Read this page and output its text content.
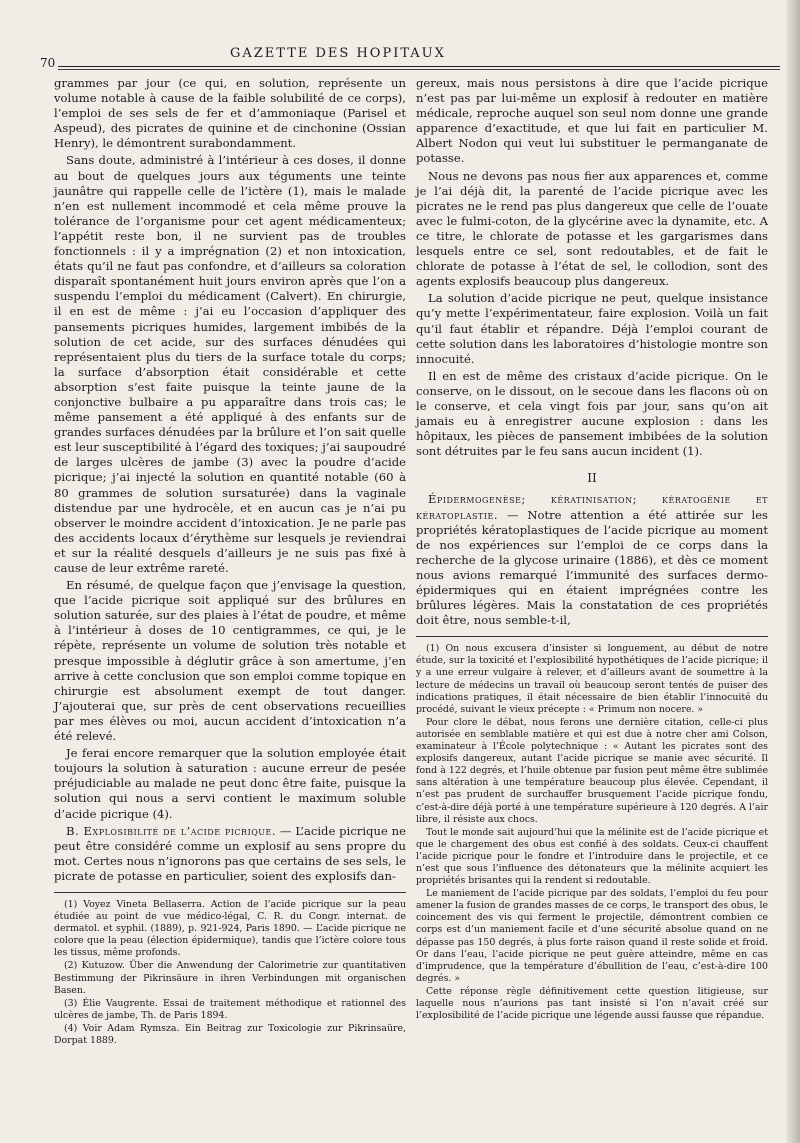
70
GAZETTE DES HOPITAUX

grammes par jour (ce qui, en solution, représente un volume notable à cause de la faible solubilité de ce corps), l’emploi de ses sels de fer et d’ammoniaque (Parisel et Aspeud), des picrates de quinine et de cinchonine (Ossian Henry), le démontrent surabondamment.

Sans doute, administré à l’intérieur à ces doses, il donne au bout de quelques jours aux téguments une teinte jaunâtre qui rappelle celle de l’ictère (1), mais le malade n’en est nullement incommodé et cela même prouve la tolérance de l’organisme pour cet agent médicamenteux; l’appétit reste bon, il ne survient pas de troubles fonctionnels : il y a imprégnation (2) et non intoxication, états qu’il ne faut pas confondre, et d’ailleurs sa coloration disparaît spontanément huit jours environ après que l’on a suspendu l’emploi du médicament (Calvert). En chirurgie, il en est de même : j’ai eu l’occasion d’appliquer des pansements picriques humides, largement imbibés de la solution de cet acide, sur des surfaces dénudées qui représentaient plus du tiers de la surface totale du corps; la surface d’absorption était considérable et cette absorption s’est faite puisque la teinte jaune de la conjonctive bulbaire a pu apparaître dans trois cas; le même pansement a été appliqué à des enfants sur de grandes surfaces dénudées par la brûlure et l’on sait quelle est leur susceptibilité à l’égard des toxiques; j’ai saupoudré de larges ulcères de jambe (3) avec la poudre d’acide picrique; j’ai injecté la solution en quantité notable (60 à 80 grammes de solution sursaturée) dans la vaginale distendue par une hydrocèle, et en aucun cas je n’ai pu observer le moindre accident d’intoxication. Je ne parle pas des accidents locaux d’érythème sur lesquels je reviendrai et sur la réalité desquels d’ailleurs je ne suis pas fixé à cause de leur extrême rareté.

En résumé, de quelque façon que j’envisage la question, que l’acide picrique soit appliqué sur des brûlures en solution saturée, sur des plaies à l’état de poudre, et même à l’intérieur à doses de 10 centigrammes, ce qui, je le répète, représente un volume de solution très notable et presque impossible à déglutir grâce à son amertume, j’en arrive à cette conclusion que son emploi comme topique en chirurgie est absolument exempt de tout danger. J’ajouterai que, sur près de cent observations recueillies par mes élèves ou moi, aucun accident d’intoxication n’a été relevé.

Je ferai encore remarquer que la solution employée était toujours la solution à saturation : aucune erreur de pesée préjudiciable au malade ne peut donc être faite, puisque la solution qui nous a servi contient le maximum soluble d’acide picrique (4).

B. Explosibilité de l’acide picrique. — L’acide picrique ne peut être considéré comme un explosif au sens propre du mot. Certes nous n’ignorons pas que certains de ses sels, le picrate de potasse en particulier, soient des explosifs dan-

(1) Voyez Vineta Bellaserra. Action de l’acide picrique sur la peau étudiée au point de vue médico-légal, C. R. du Congr. internat. de dermatol. et syphil. (1889), p. 921-924, Paris 1890. — L’acide picrique ne colore que la peau (élection épidermique), tandis que l’ictère colore tous les tissus, même profonds.

(2) Kutuzow. Über die Anwendung der Calorimetrie zur quantitativen Bestimmung der Pikrinsäure in ihren Verbindungen mit organischen Basen.

(3) Élie Vaugrente. Essai de traitement méthodique et rationnel des ulcères de jambe, Th. de Paris 1894.

(4) Voir Adam Rymsza. Ein Beitrag zur Toxicologie zur Pikrinsaüre, Dorpat 1889.

gereux, mais nous persistons à dire que l’acide picrique n’est pas par lui-même un explosif à redouter en matière médicale, reproche auquel son seul nom donne une grande apparence d’exactitude, et que lui fait en particulier M. Albert Nodon qui veut lui substituer le permanganate de potasse.

Nous ne devons pas nous fier aux apparences et, comme je l’ai déjà dit, la parenté de l’acide picrique avec les picrates ne le rend pas plus dangereux que celle de l’ouate avec le fulmi-coton, de la glycérine avec la dynamite, etc. A ce titre, le chlorate de potasse et les gargarismes dans lesquels entre ce sel, sont redoutables, et de fait le chlorate de potasse à l’état de sel, le collodion, sont des agents explosifs beaucoup plus dangereux.

La solution d’acide picrique ne peut, quelque insistance qu’y mette l’expérimentateur, faire explosion. Voilà un fait qu’il faut établir et répandre. Déjà l’emploi courant de cette solution dans les laboratoires d’histologie montre son innocuité.

Il en est de même des cristaux d’acide picrique. On le conserve, on le dissout, on le secoue dans les flacons où on le conserve, et cela vingt fois par jour, sans qu’on ait jamais eu à enregistrer aucune explosion : dans les hôpitaux, les pièces de pansement imbibées de la solution sont détruites par le feu sans aucun incident (1).

II

Épidermogenèse; kératinisation; kératogénie et kératoplastie. — Notre attention a été attirée sur les propriétés kératoplastiques de l’acide picrique au moment de nos expériences sur l’emploi de ce corps dans la recherche de la glycose urinaire (1886), et dès ce moment nous avions remarqué l’immunité des surfaces dermo-épidermiques qui en étaient imprégnées contre les brûlures légères. Mais la constatation de ces propriétés doit être, nous semble-t-il,

(1) On nous excusera d’insister si longuement, au début de notre étude, sur la toxicité et l’explosibilité hypothétiques de l’acide picrique; il y a une erreur vulgaire à relever, et d’ailleurs avant de soumettre à la lecture de médecins un travail où beaucoup seront tentés de puiser des indications pratiques, il était nécessaire de bien établir l’innocuité du procédé, suivant le vieux précepte : « Primum non nocere. »

Pour clore le débat, nous ferons une dernière citation, celle-ci plus autorisée en semblable matière et qui est due à notre cher ami Colson, examinateur à l’École polytechnique : « Autant les picrates sont des explosifs dangereux, autant l’acide picrique se manie avec sécurité. Il fond à 122 degrés, et l’huile obtenue par fusion peut même être sublimée sans altération à une température beaucoup plus élevée. Cependant, il n’est pas prudent de surchauffer brusquement l’acide picrique fondu, c’est-à-dire déjà porté à une température supérieure à 120 degrés. A l’air libre, il résiste aux chocs.

Tout le monde sait aujourd’hui que la mélinite est de l’acide picrique et que le chargement des obus est confié à des soldats. Ceux-ci chauffent l’acide picrique pour le fondre et l’introduire dans le projectile, et ce n’est que sous l’influence des détonateurs que la mélinite acquiert les propriétés brisantes qui la rendent si redoutable.

Le maniement de l’acide picrique par des soldats, l’emploi du feu pour amener la fusion de grandes masses de ce corps, le transport des obus, le coincement des vis qui ferment le projectile, démontrent combien ce corps est d’un maniement facile et d’une sécurité absolue quand on ne dépasse pas 150 degrés, à plus forte raison quand il reste solide et froid. Or dans l’eau, l’acide picrique ne peut guère atteindre, même en cas d’imprudence, que la température d’ébullition de l’eau, c’est-à-dire 100 degrés. »

Cette réponse règle définitivement cette question litigieuse, sur laquelle nous n’aurions pas tant insisté si l’on n’avait créé sur l’explosibilité de l’acide picrique une légende aussi fausse que répandue.
